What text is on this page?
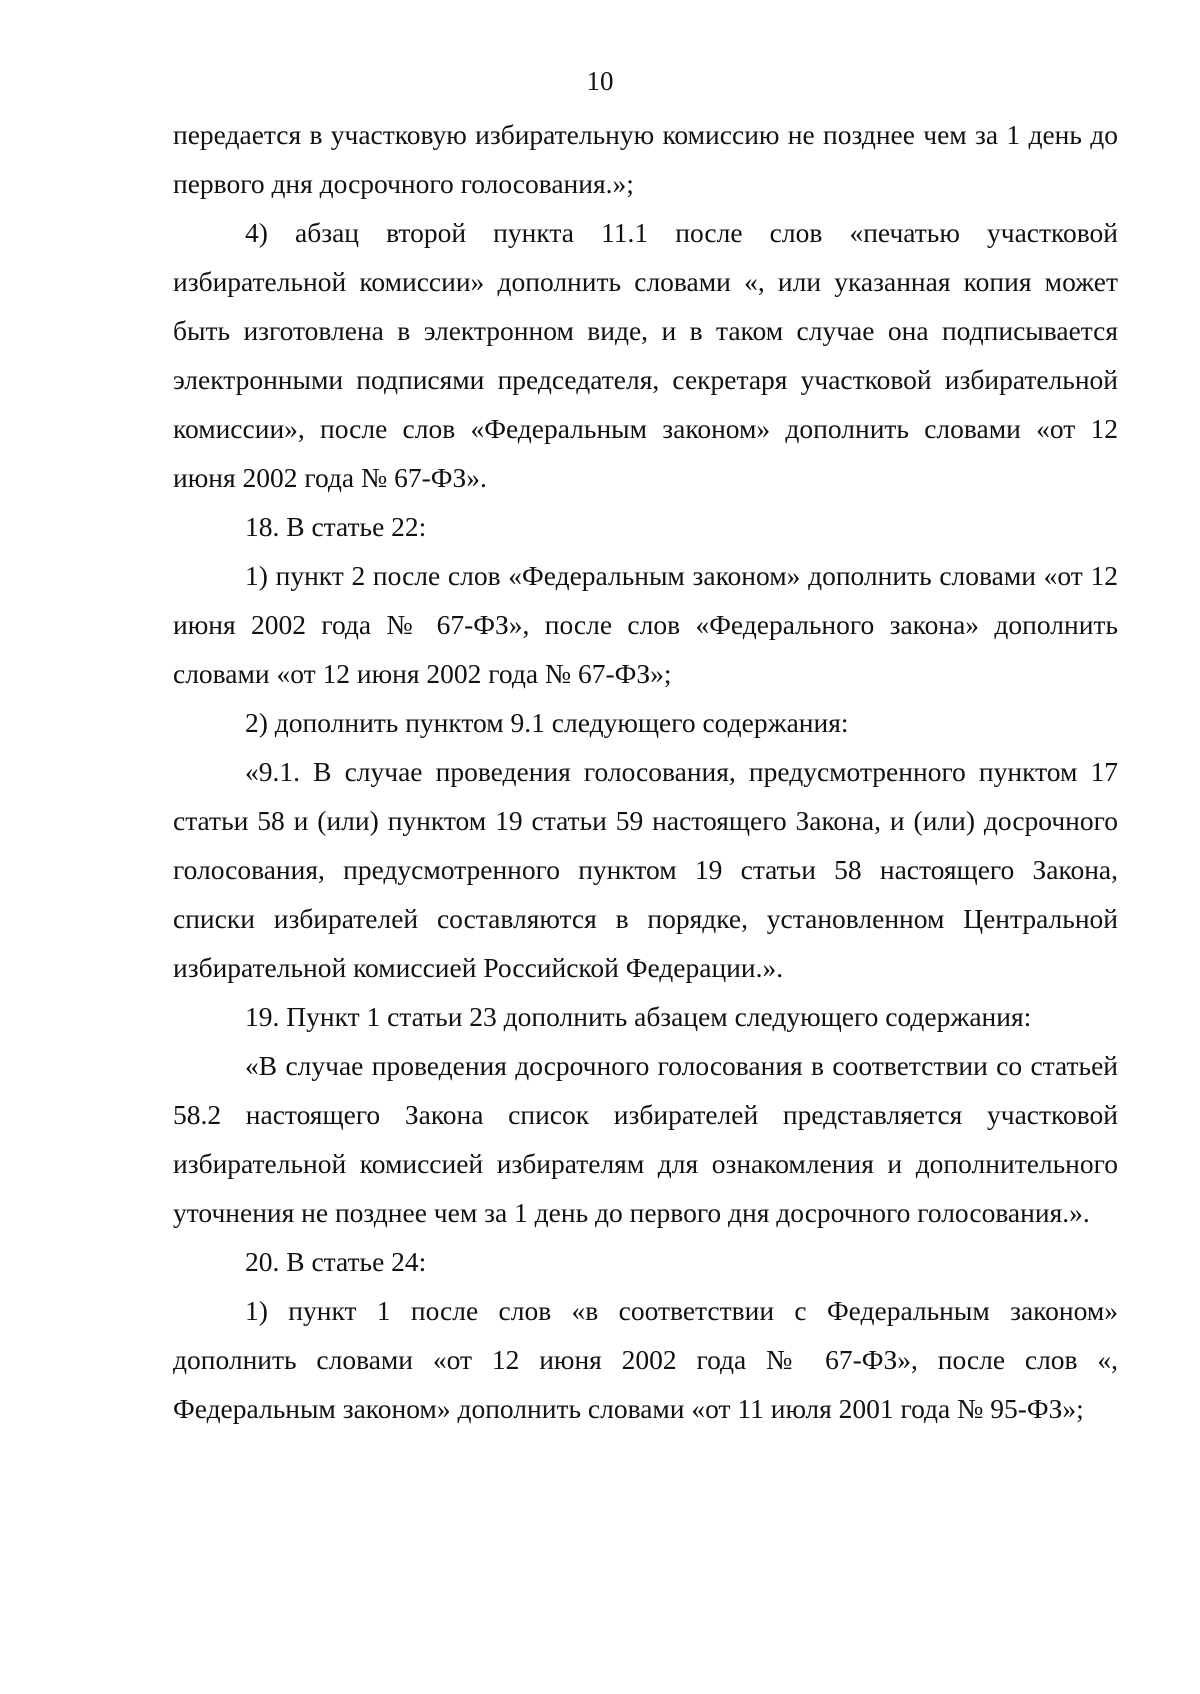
10

передается в участковую избирательную комиссию не позднее чем за 1 день до первого дня досрочного голосования.»;

4) абзац второй пункта 11.1 после слов «печатью участковой избирательной комиссии» дополнить словами «, или указанная копия может быть изготовлена в электронном виде, и в таком случае она подписывается электронными подписями председателя, секретаря участковой избирательной комиссии», после слов «Федеральным законом» дополнить словами «от 12 июня 2002 года № 67-ФЗ».

18. В статье 22:

1) пункт 2 после слов «Федеральным законом» дополнить словами «от 12 июня 2002 года № 67-ФЗ», после слов «Федерального закона» дополнить словами «от 12 июня 2002 года № 67-ФЗ»;

2) дополнить пунктом 9.1 следующего содержания:

«9.1. В случае проведения голосования, предусмотренного пунктом 17 статьи 58 и (или) пунктом 19 статьи 59 настоящего Закона, и (или) досрочного голосования, предусмотренного пунктом 19 статьи 58 настоящего Закона, списки избирателей составляются в порядке, установленном Центральной избирательной комиссией Российской Федерации.».

19. Пункт 1 статьи 23 дополнить абзацем следующего содержания:

«В случае проведения досрочного голосования в соответствии со статьей 58.2 настоящего Закона список избирателей представляется участковой избирательной комиссией избирателям для ознакомления и дополнительного уточнения не позднее чем за 1 день до первого дня досрочного голосования.».

20. В статье 24:

1) пункт 1 после слов «в соответствии с Федеральным законом» дополнить словами «от 12 июня 2002 года № 67-ФЗ», после слов «, Федеральным законом» дополнить словами «от 11 июля 2001 года № 95-ФЗ»;
